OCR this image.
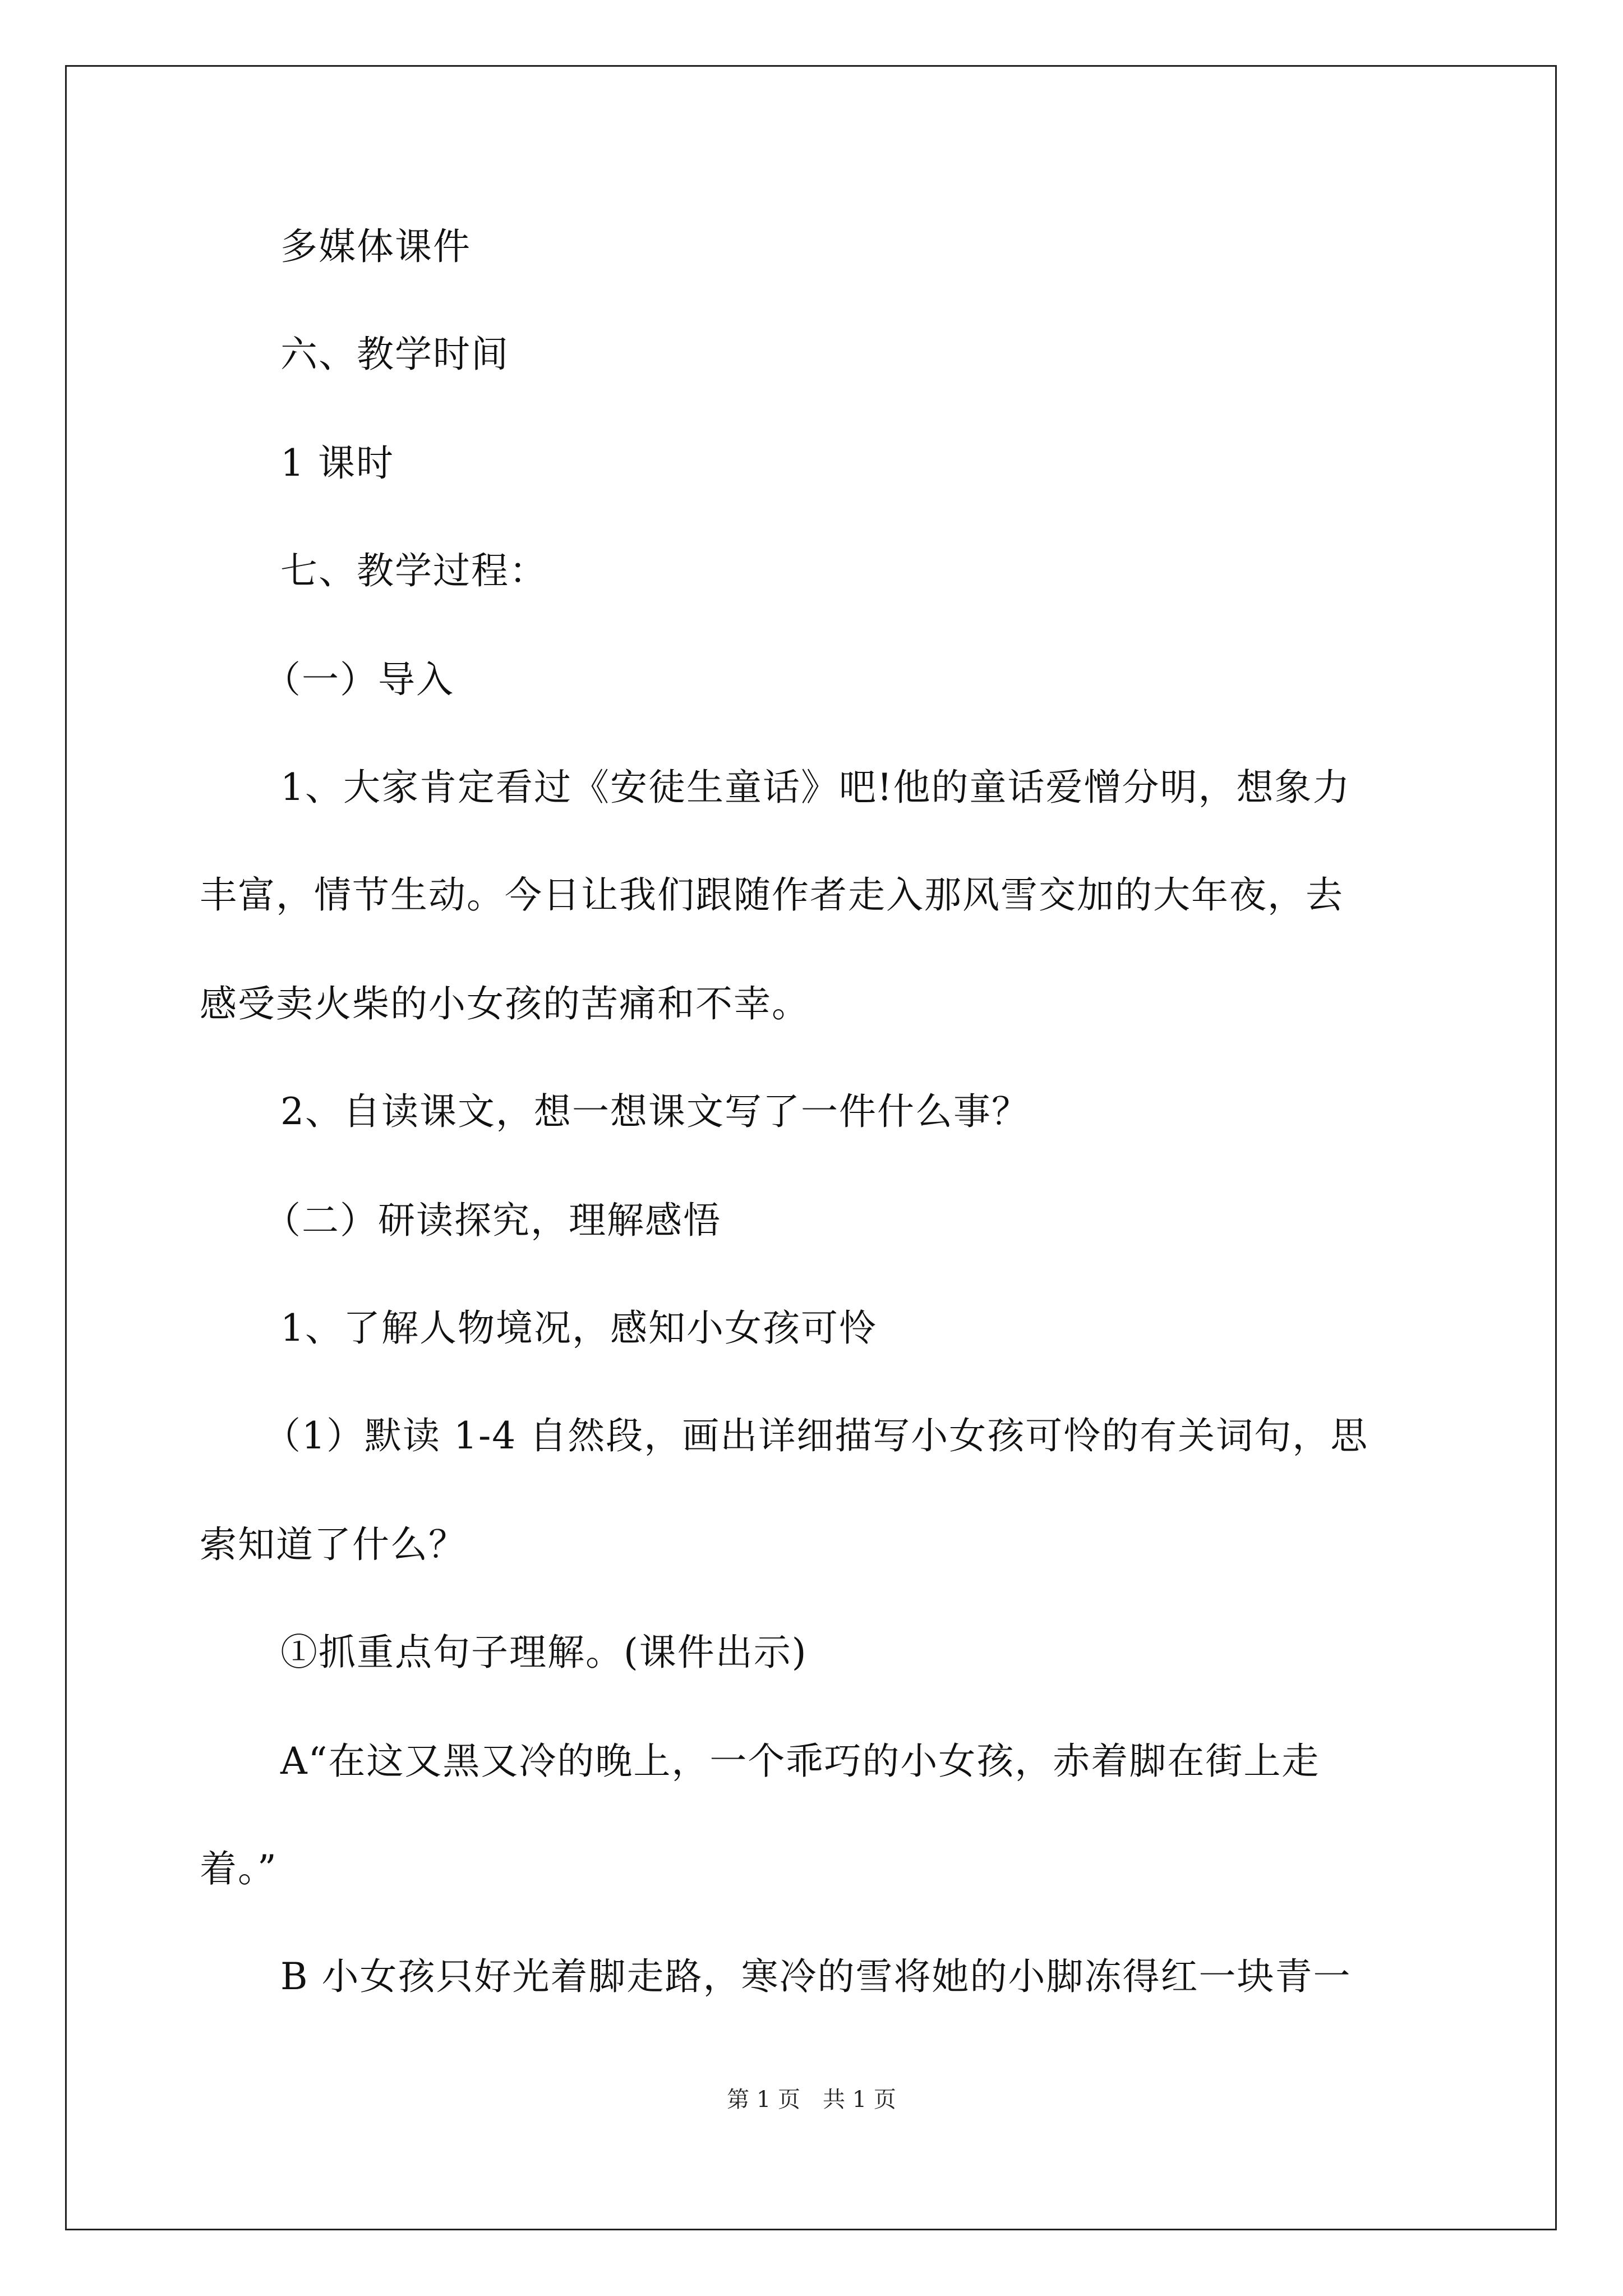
多媒体课件
六、教学时间
1 课时
七、教学过程：
（一）导入
1、大家肯定看过《安徒生童话》吧!他的童话爱憎分明，想象力
丰富，情节生动。今日让我们跟随作者走入那风雪交加的大年夜，去
感受卖火柴的小女孩的苦痛和不幸。
2、自读课文，想一想课文写了一件什么事？
（二）研读探究，理解感悟
1、了解人物境况，感知小女孩可怜
（1）默读 1-4 自然段，画出详细描写小女孩可怜的有关词句，思
索知道了什么？
①抓重点句子理解。(课件出示)
A“在这又黑又冷的晚上，一个乖巧的小女孩，赤着脚在街上走
着。”
B 小女孩只好光着脚走路，寒冷的雪将她的小脚冻得红一块青一
第 1 页　共 1 页
